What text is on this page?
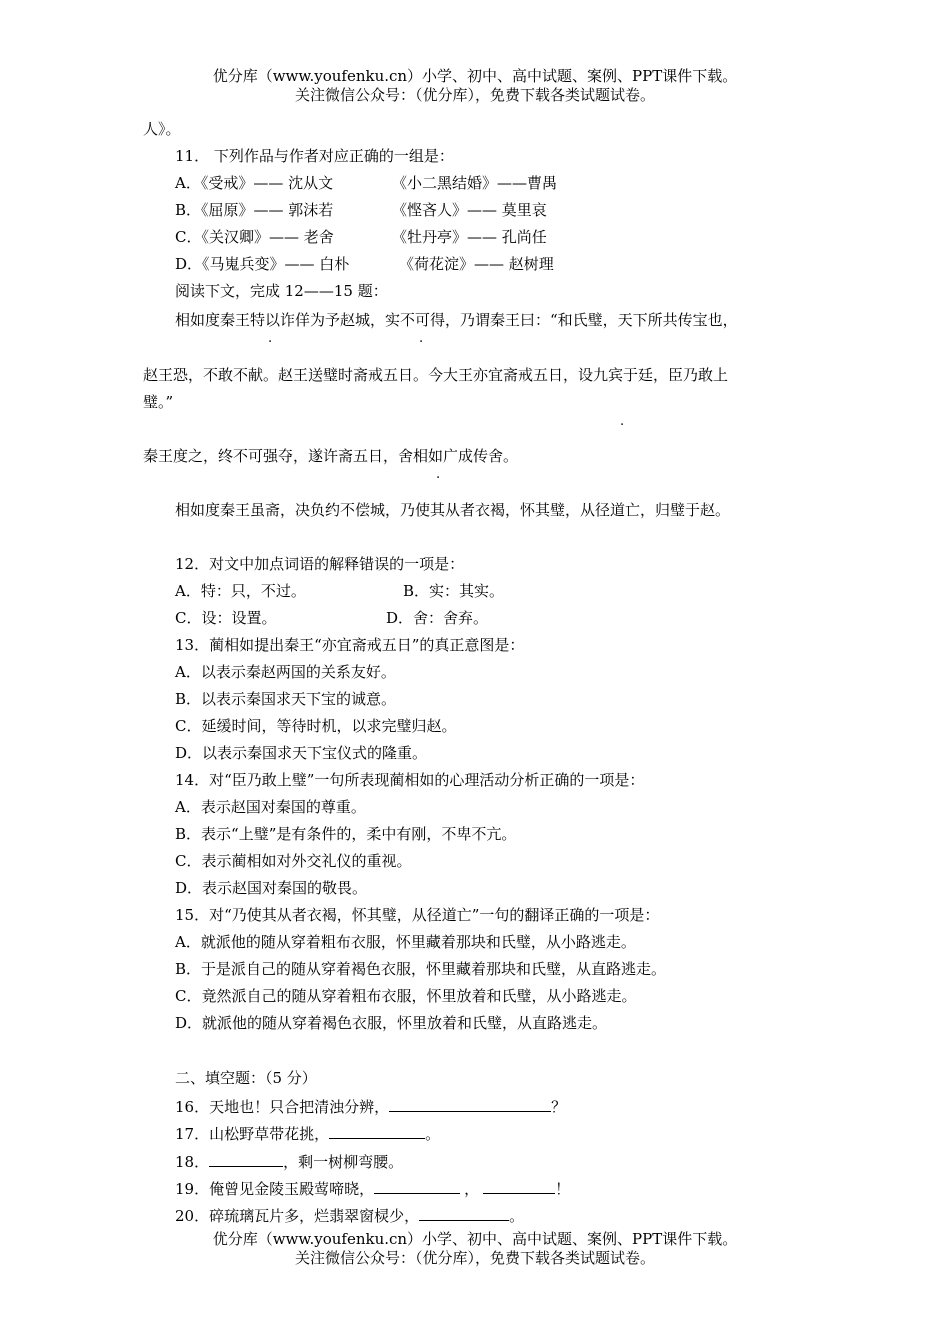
优分库（www.youfenku.cn）小学、初中、高中试题、案例、PPT课件下载。
关注微信公众号：（优分库），免费下载各类试题试卷。
人》。
11． 下列作品与作者对应正确的一组是：
A．《受戒》—— 沈从文	《小二黑结婚》——曹禺
B．《屈原》—— 郭沫若	《悭吝人》—— 莫里哀
C．《关汉卿》—— 老舍	《牡丹亭》—— 孔尚任
D．《马嵬兵变》—— 白朴	《荷花淀》—— 赵树理
阅读下文，完成 12——15 题：
相如度秦王特以诈佯为予赵城，实不可得，乃谓秦王曰：“和氏璧，天下所共传宝也，
.	.
赵王恐，不敢不献。赵王送璧时斋戒五日。今大王亦宜斋戒五日，设九宾于廷，臣乃敢上
璧。”
.
秦王度之，终不可强夺，遂许斋五日，舍相如广成传舍。
.
相如度秦王虽斋，决负约不偿城，乃使其从者衣褐，怀其璧，从径道亡，归璧于赵。
12．对文中加点词语的解释错误的一项是：
A．特：只，不过。	B．实：其实。
C．设：设置。	D．舍：舍弃。
13．蔺相如提出秦王“亦宜斋戒五日”的真正意图是：
A．以表示秦赵两国的关系友好。
B．以表示秦国求天下宝的诚意。
C．延缓时间，等待时机，以求完璧归赵。
D．以表示秦国求天下宝仪式的隆重。
14．对“臣乃敢上璧”一句所表现蔺相如的心理活动分析正确的一项是：
A．表示赵国对秦国的尊重。
B．表示“上璧”是有条件的，柔中有刚，不卑不亢。
C．表示蔺相如对外交礼仪的重视。
D．表示赵国对秦国的敬畏。
15．对“乃使其从者衣褐，怀其璧，从径道亡”一句的翻译正确的一项是：
A．就派他的随从穿着粗布衣服，怀里藏着那块和氏璧，从小路逃走。
B．于是派自己的随从穿着褐色衣服，怀里藏着那块和氏璧，从直路逃走。
C．竟然派自己的随从穿着粗布衣服，怀里放着和氏璧，从小路逃走。
D．就派他的随从穿着褐色衣服，怀里放着和氏璧，从直路逃走。
二、填空题：（5 分）
16．天地也！只合把清浊分辨，	？
17．山松野草带花挑，	。
18．	，剩一树柳弯腰。
19．俺曾见金陵玉殿莺啼晓，	，	！
20．碎琉璃瓦片多，烂翡翠窗棂少，	。
优分库（www.youfenku.cn）小学、初中、高中试题、案例、PPT课件下载。
关注微信公众号：（优分库），免费下载各类试题试卷。
